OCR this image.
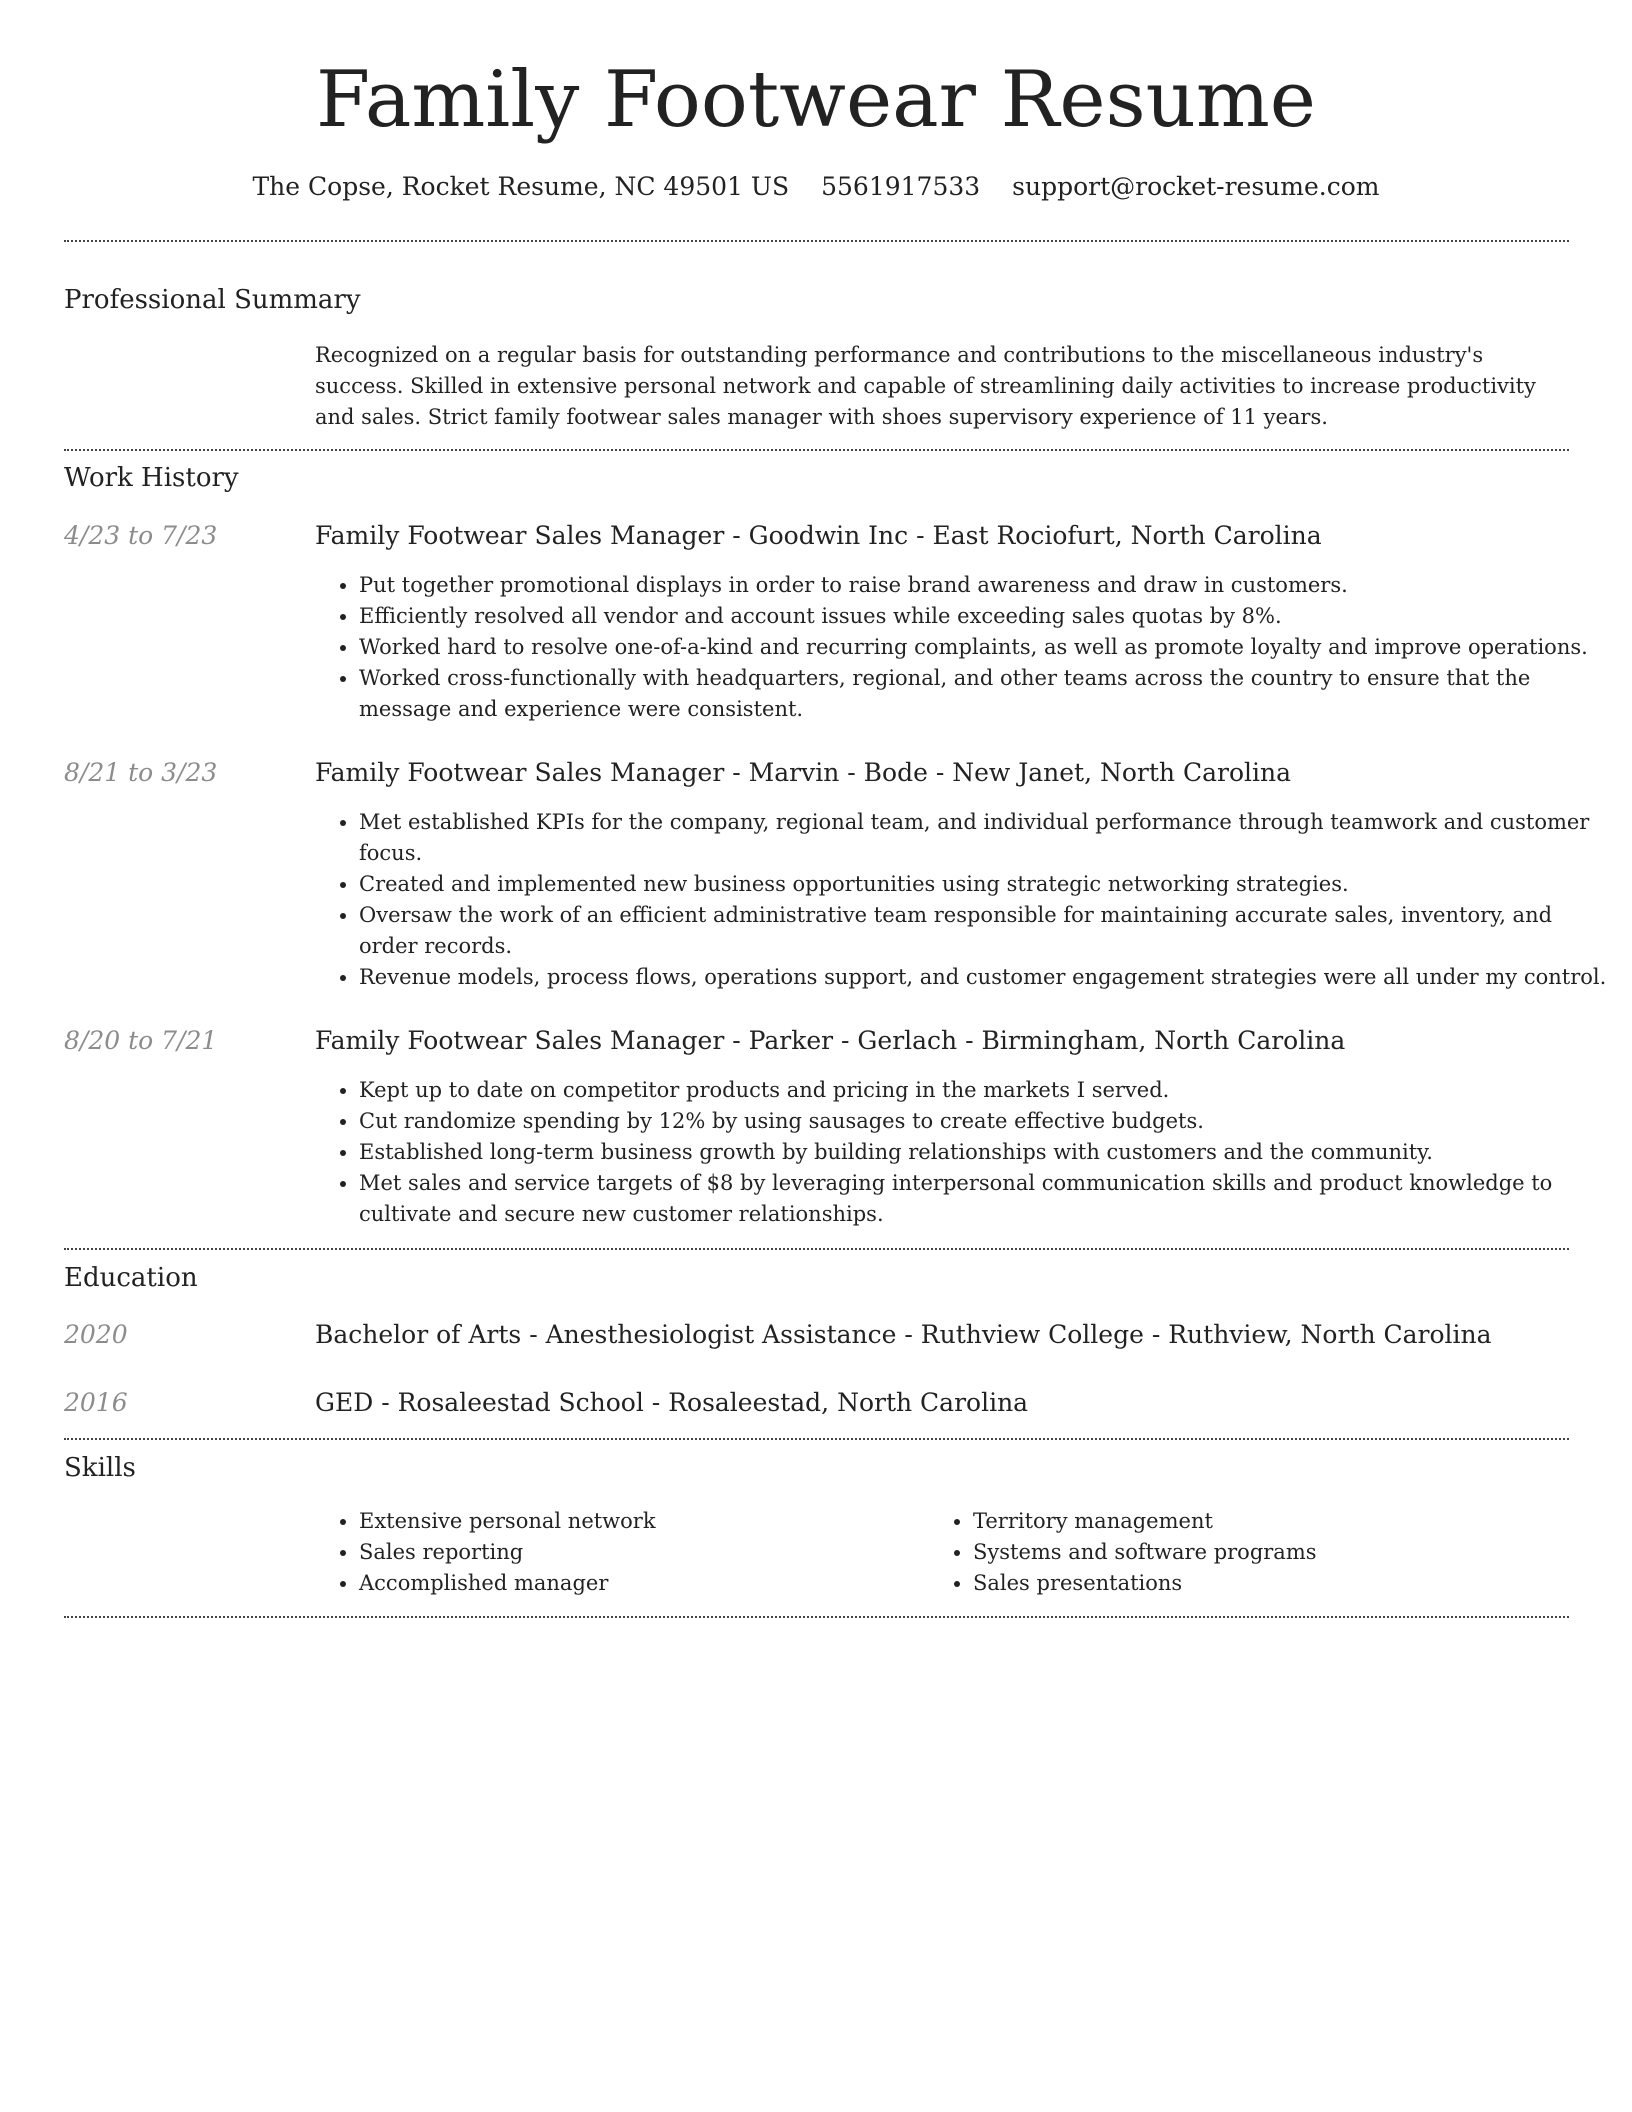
Family Footwear Resume
The Copse, Rocket Resume, NC 49501 US 5561917533 support@rocket-resume.com
Professional Summary

Recognized on a regular basis for outstanding performance and contributions to the miscellaneous industry's success. Skilled in extensive personal network and capable of streamlining daily activities to increase productivity and sales. Strict family footwear sales manager with shoes supervisory experience of 11 years.

Work History
4/23 to 7/23	Family Footwear Sales Manager - Goodwin Inc - East Rociofurt, North Carolina
• Put together promotional displays in order to raise brand awareness and draw in customers.
• Efficiently resolved all vendor and account issues while exceeding sales quotas by 8%.
• Worked hard to resolve one-of-a-kind and recurring complaints, as well as promote loyalty and improve operations.
• Worked cross-functionally with headquarters, regional, and other teams across the country to ensure that the message and experience were consistent.
8/21 to 3/23	Family Footwear Sales Manager - Marvin - Bode - New Janet, North Carolina
• Met established KPIs for the company, regional team, and individual performance through teamwork and customer focus.
• Created and implemented new business opportunities using strategic networking strategies.
• Oversaw the work of an efficient administrative team responsible for maintaining accurate sales, inventory, and order records.
• Revenue models, process flows, operations support, and customer engagement strategies were all under my control.
8/20 to 7/21	Family Footwear Sales Manager - Parker - Gerlach - Birmingham, North Carolina
• Kept up to date on competitor products and pricing in the markets I served.
• Cut randomize spending by 12% by using sausages to create effective budgets.
• Established long-term business growth by building relationships with customers and the community.
• Met sales and service targets of $8 by leveraging interpersonal communication skills and product knowledge to cultivate and secure new customer relationships.
Education
2020	Bachelor of Arts - Anesthesiologist Assistance - Ruthview College - Ruthview, North Carolina
2016	GED - Rosaleestad School - Rosaleestad, North Carolina
Skills
• Extensive personal network
• Sales reporting
• Accomplished manager
• Territory management
• Systems and software programs
• Sales presentations
